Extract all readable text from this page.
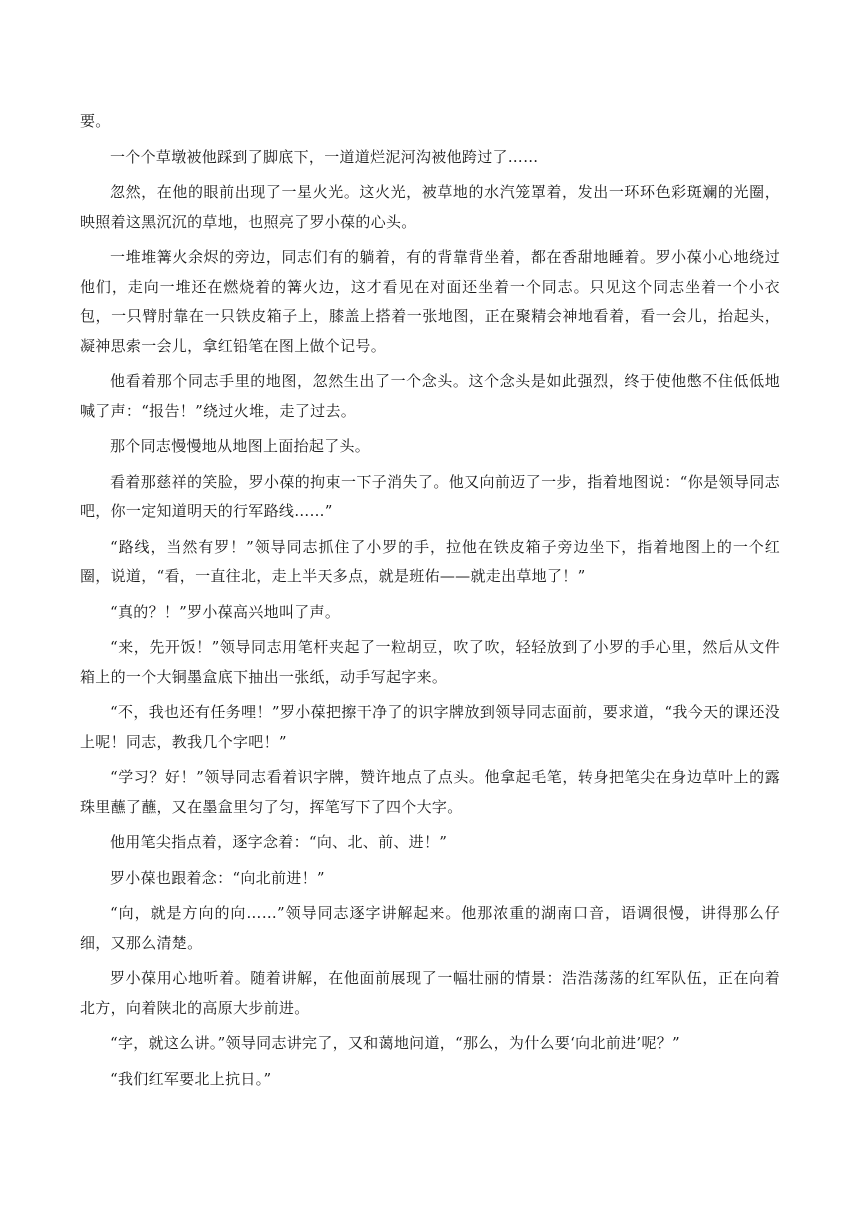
要。

一个个草墩被他踩到了脚底下，一道道烂泥河沟被他跨过了……

忽然，在他的眼前出现了一星火光。这火光，被草地的水汽笼罩着，发出一环环色彩斑斓的光圈，映照着这黑沉沉的草地，也照亮了罗小葆的心头。

一堆堆篝火余烬的旁边，同志们有的躺着，有的背靠背坐着，都在香甜地睡着。罗小葆小心地绕过他们，走向一堆还在燃烧着的篝火边，这才看见在对面还坐着一个同志。只见这个同志坐着一个小衣包，一只臂肘靠在一只铁皮箱子上，膝盖上搭着一张地图，正在聚精会神地看着，看一会儿，抬起头，凝神思索一会儿，拿红铅笔在图上做个记号。

他看着那个同志手里的地图，忽然生出了一个念头。这个念头是如此强烈，终于使他憋不住低低地喊了声：“报告！”绕过火堆，走了过去。

那个同志慢慢地从地图上面抬起了头。

看着那慈祥的笑脸，罗小葆的拘束一下子消失了。他又向前迈了一步，指着地图说：“你是领导同志吧，你一定知道明天的行军路线……”

“路线，当然有罗！”领导同志抓住了小罗的手，拉他在铁皮箱子旁边坐下，指着地图上的一个红圈，说道，“看，一直往北，走上半天多点，就是班佑——就走出草地了！”

“真的？！”罗小葆高兴地叫了声。

“来，先开饭！”领导同志用笔杆夹起了一粒胡豆，吹了吹，轻轻放到了小罗的手心里，然后从文件箱上的一个大铜墨盒底下抽出一张纸，动手写起字来。

“不，我也还有任务哩！”罗小葆把擦干净了的识字牌放到领导同志面前，要求道，“我今天的课还没上呢！同志，教我几个字吧！”

“学习？好！”领导同志看着识字牌，赞许地点了点头。他拿起毛笔，转身把笔尖在身边草叶上的露珠里蘸了蘸，又在墨盒里匀了匀，挥笔写下了四个大字。

他用笔尖指点着，逐字念着：“向、北、前、进！”

罗小葆也跟着念：“向北前进！”

“向，就是方向的向……”领导同志逐字讲解起来。他那浓重的湖南口音，语调很慢，讲得那么仔细，又那么清楚。

罗小葆用心地听着。随着讲解，在他面前展现了一幅壮丽的情景：浩浩荡荡的红军队伍，正在向着北方，向着陕北的高原大步前进。

“字，就这么讲。”领导同志讲完了，又和蔼地问道，“那么，为什么要‘向北前进’呢？”

“我们红军要北上抗日。”
